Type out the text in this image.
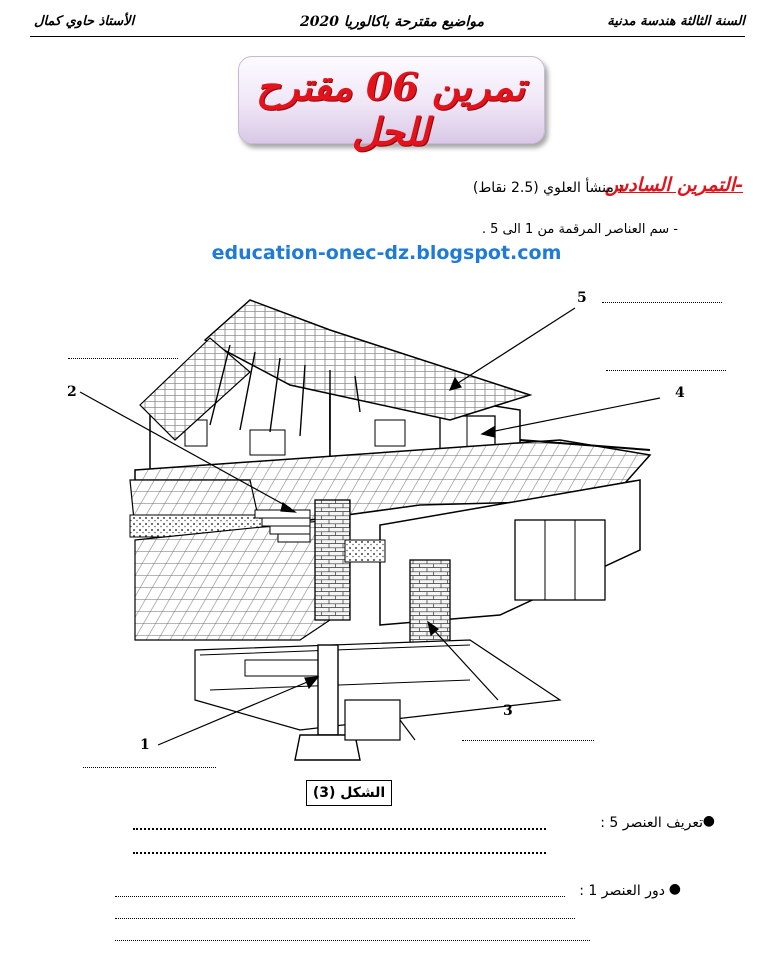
السنة الثالثة هندسة مدنية
مواضيع مقترحة باكالوريا 2020
الأستاذ حاوي كمال
تمرين 06 مقترح للحل
-التمرين السادس
: منشأ العلوي (2.5 نقاط)
- سم العناصر المرقمة من 1 الى 5 .
education-onec-dz.blogspot.com
1
2
3
4
5
الشكل (3)
تعريف العنصر 5 : ●
دور العنصر 1 : ●
